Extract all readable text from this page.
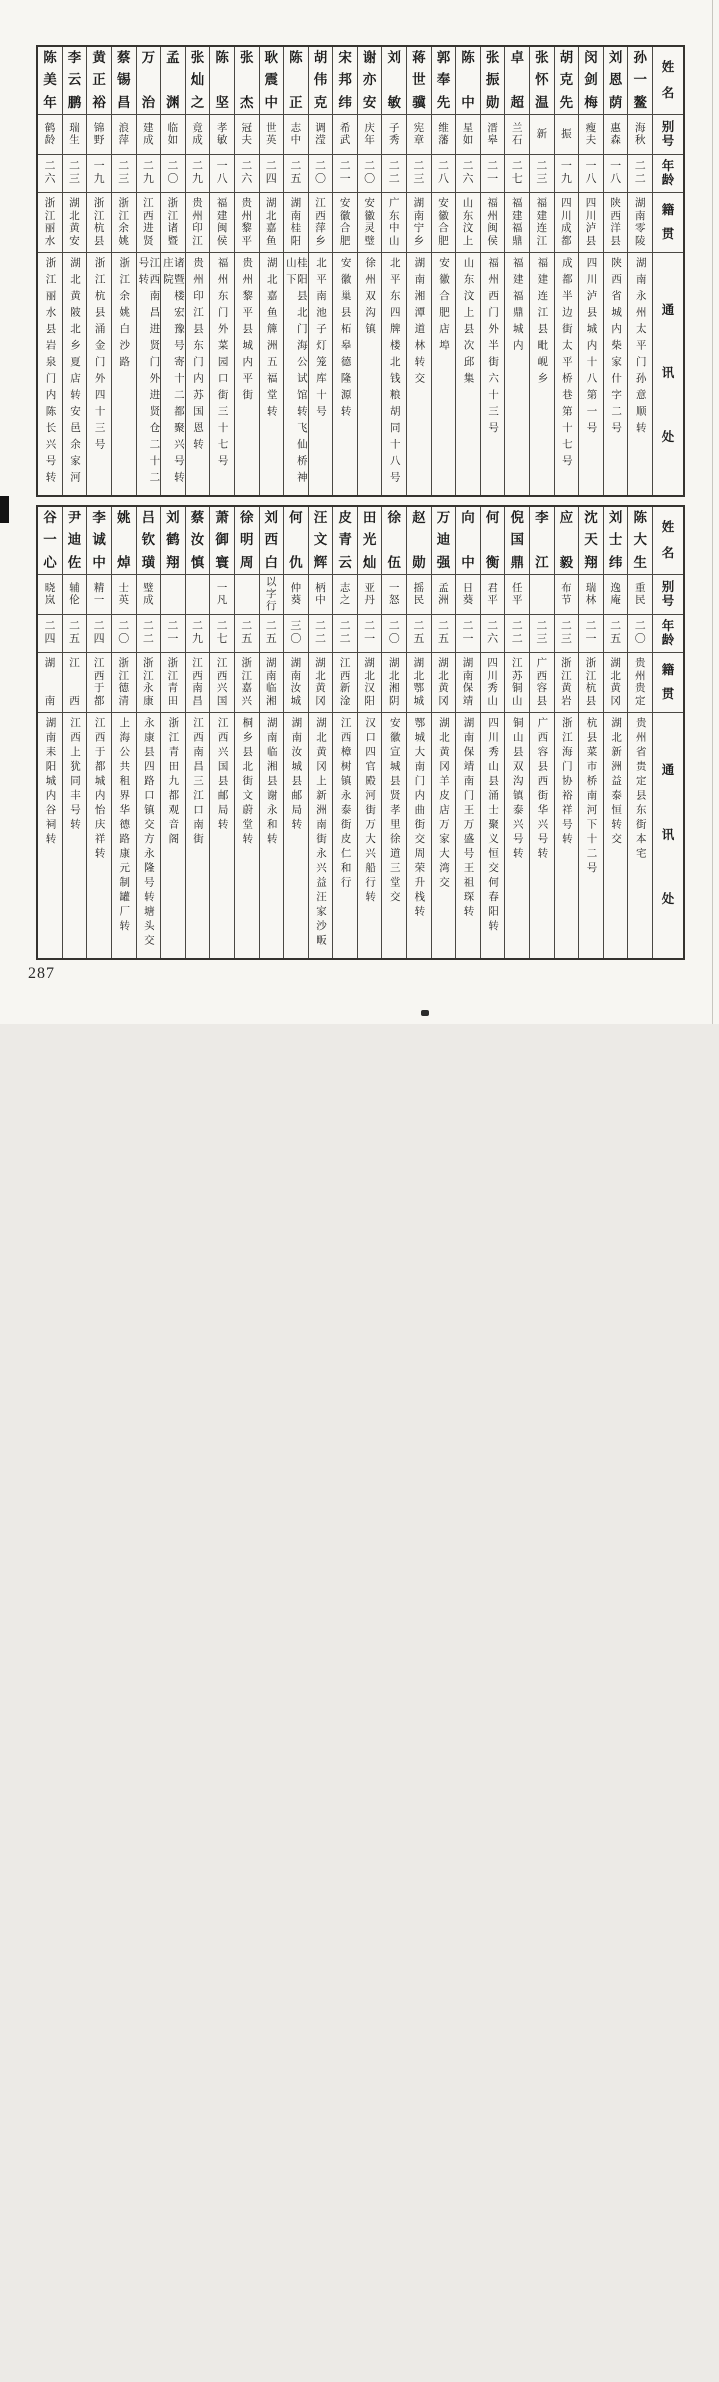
姓
名
别
号
年
龄
籍
贯
通
讯
处
孙
一
鳌
海
秋
二
二
湖
南
零
陵
湖南永州太平门孙意顺转
刘
恩
荫
惠
森
一
八
陕
西
洋
县
陕西省城内柴家什字二号
闵
剑
梅
瘦
夫
一
八
四
川
泸
县
四川泸县城内十八第一号
胡
克
先
振
一
九
四
川
成
都
成都半边街太平桥巷第十七号
张
怀
温
新
二
三
福
建
连
江
福建连江县毗岘乡
卓
超
兰
石
二
七
福
建
福
鼎
福建福鼎城内
张
振
勋
溍
皋
二
一
福
州
闽
侯
福州西门外半街六十三号
陈
中
星
如
二
六
山
东
汶
上
山东汶上县次邱集
郭
奉
先
维
藩
二
八
安
徽
合
肥
安徽合肥店埠
蒋
世
骥
宪
章
二
三
湖
南
宁
乡
湖南湘潭道林转交
刘
敏
子
秀
二
二
广
东
中
山
北平东四牌楼北钱粮胡同十八号
谢
亦
安
庆
年
二
〇
安
徽
灵
璧
徐州双沟镇
宋
邦
纬
希
武
二
一
安
徽
合
肥
安徽巢县柘皋德隆源转
胡
伟
克
调
滢
二
〇
江
西
萍
乡
北平南池子灯笼库十号
陈
正
志
中
二
五
湖
南
桂
阳
桂阳县北门海公试馆转飞仙桥神山下
耿
震
中
世
英
二
四
湖
北
嘉
鱼
湖北嘉鱼簰洲五福堂转
张
杰
冠
夫
二
六
贵
州
黎
平
贵州黎平县城内平街
陈
坚
孝
敏
一
八
福
建
闽
侯
福州东门外菜园口街三十七号
张
灿
之
竟
成
二
九
贵
州
印
江
贵州印江县东门内苏国恩转
孟
渊
临
如
二
〇
浙
江
诸
暨
诸暨楼宏豫号寄十二都聚兴号转庄院
万
治
建
成
二
九
江
西
进
贤
江西南昌进贤门外进贤仓二十二号转
蔡
锡
昌
浪
萍
二
三
浙
江
余
姚
浙江余姚白沙路
黄
正
裕
锦
野
一
九
浙
江
杭
县
浙江杭县涌金门外四十三号
李
云
鹏
瑞
生
二
三
湖
北
黄
安
湖北黄陂北乡夏店转安邑余家河
陈
美
年
鹤
龄
二
六
浙
江
丽
水
浙江丽水县岩泉门内陈长兴号转
姓
名
别
号
年
龄
籍
贯
通
讯
处
陈
大
生
重
民
二
〇
贵
州
贵
定
贵州省贵定县东街本宅
刘
士
纬
逸
庵
二
五
湖
北
黄
冈
湖北新洲益泰恒转交
沈
天
翔
瑞
林
二
一
浙
江
杭
县
杭县菜市桥南河下十二号
应
毅
布
节
二
三
浙
江
黄
岩
浙江海门协裕祥号转
李
江
二
三
广
西
容
县
广西容县西街华兴号转
倪
国
鼎
任
平
二
二
江
苏
铜
山
铜山县双沟镇泰兴号转
何
衡
君
平
二
六
四
川
秀
山
四川秀山县涌士聚义恒交何春阳转
向
中
日
葵
二
一
湖
南
保
靖
湖南保靖南门王万盛号王祖琛转
万
迪
强
孟
洲
二
五
湖
北
黄
冈
湖北黄冈羊皮店万家大湾交
赵
勋
摇
民
二
五
湖
北
鄂
城
鄂城大南门内曲街交周荣升栈转
徐
伍
一
怒
二
〇
湖
北
湘
阴
安徽宣城县贤孝里徐道三堂交
田
光
灿
亚
丹
二
一
湖
北
汉
阳
汉口四官殿河街万大兴船行转
皮
青
云
志
之
二
二
江
西
新
淦
江西樟树镇永泰街皮仁和行
汪
文
辉
柄
中
二
二
湖
北
黄
冈
湖北黄冈上新洲南街永兴益汪家沙畈
何
仇
仲
葵
三
〇
湖
南
汝
城
湖南汝城县邮局转
刘
西
白
以
字
行
二
五
湖
南
临
湘
湖南临湘县谢永和转
徐
明
周
二
五
浙
江
嘉
兴
桐乡县北街文蔚堂转
萧
御
寰
一
凡
二
七
江
西
兴
国
江西兴国县邮局转
蔡
汝
慎
二
九
江
西
南
昌
江西南昌三江口南街
刘
鹤
翔
二
一
浙
江
青
田
浙江青田九都观音阁
吕
钦
璜
璧
成
二
二
浙
江
永
康
永康县四路口镇交方永隆号转塘头交
姚
焯
士
英
二
〇
浙
江
德
清
上海公共租界华德路康元制罐厂转
李
诚
中
精
一
二
四
江
西
于
都
江西于都城内怡庆祥转
尹
迪
佐
辅
伦
二
五
江
西
江西上犹同丰号转
谷
一
心
晓
岚
二
四
湖
南
湖南耒阳城内谷祠转
287
